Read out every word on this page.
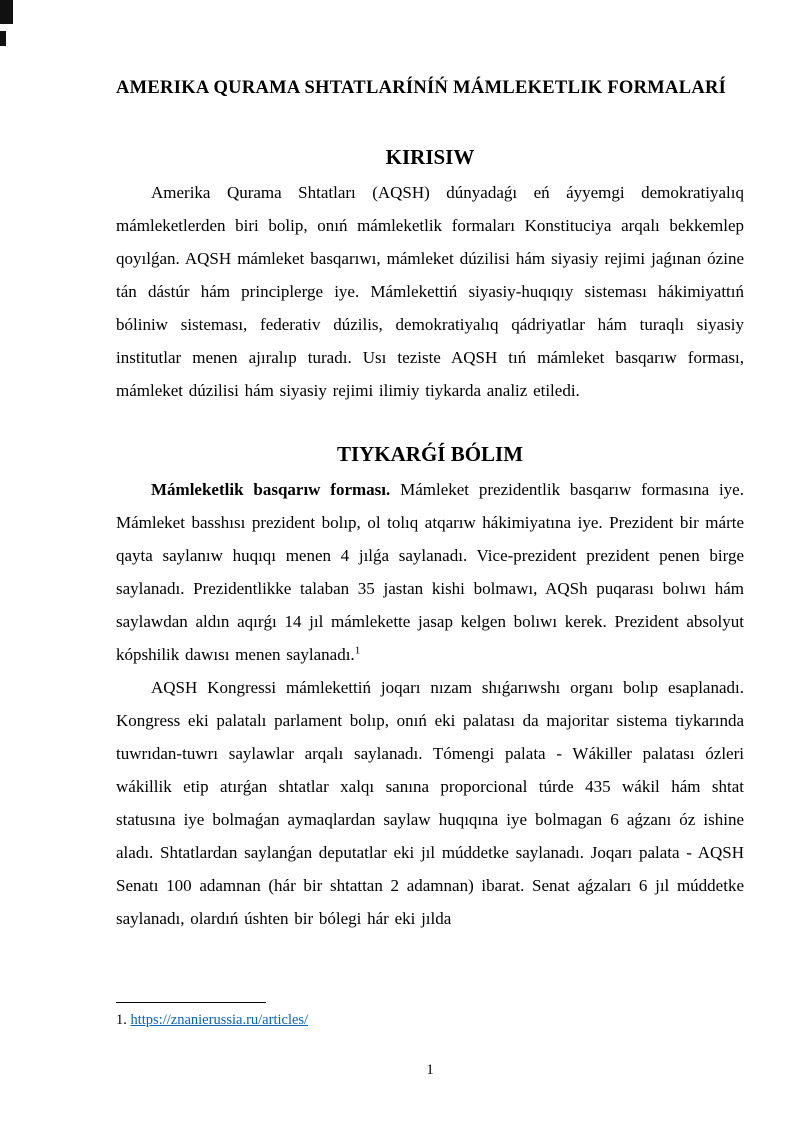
AMERIKA QURAMA SHTATLARÍNÍŃ MÁMLEKETLIK FORMALARÍ
KIRISIW

Amerika Qurama Shtatları (AQSH) dúnyadaǵı eń áyyemgi demokratiyalıq mámleketlerden biri bolip, onıń mámleketlik formaları Konstituciya arqalı bekkemlep qoyılǵan. AQSH mámleket basqarıwı, mámleket dúzilisi hám siyasiy rejimi jaǵınan ózine tán dástúr hám principlerge iye. Mámlekettiń siyasiy-huqıqıy sisteması hákimiyattıń bóliniw sisteması, federativ dúzilis, demokratiyalıq qádriyatlar hám turaqlı siyasiy institutlar menen ajıralıp turadı. Usı teziste AQSH tıń mámleket basqarıw forması, mámleket dúzilisi hám siyasiy rejimi ilimiy tiykarda analiz etiledi.

TIYKARǴÍ BÓLIM

Mámleketlik basqarıw forması. Mámleket prezidentlik basqarıw formasına iye. Mámleket basshısı prezident bolıp, ol tolıq atqarıw hákimiyatına iye. Prezident bir márte qayta saylanıw huqıqı menen 4 jılǵa saylanadı. Vice-prezident prezident penen birge saylanadı. Prezidentlikke talaban 35 jastan kishi bolmawı, AQSh puqarası bolıwı hám saylawdan aldın aqırǵı 14 jıl mámlekette jasap kelgen bolıwı kerek. Prezident absolyut kópshilik dawısı menen saylanadı.$^1$

AQSH Kongressi mámlekettiń joqarı nızam shıǵarıwshı organı bolıp esaplanadı. Kongress eki palatalı parlament bolıp, onıń eki palatası da majoritar sistema tiykarında tuwrıdan-tuwrı saylawlar arqalı saylanadı. Tómengi palata - Wákiller palatası ózleri wákillik etip atırǵan shtatlar xalqı sanına proporcional túrde 435 wákil hám shtat statusına iye bolmaǵan aymaqlardan saylaw huqıqına iye bolmagan 6 aǵzanı óz ishine aladı. Shtatlardan saylanǵan deputatlar eki jıl múddetke saylanadı. Joqarı palata - AQSH Senatı 100 adamnan (hár bir shtattan 2 adamnan) ibarat. Senat aǵzaları 6 jıl múddetke saylanadı, olardıń úshten bir bólegi hár eki jılda

1. https://znanierussia.ru/articles/

1
